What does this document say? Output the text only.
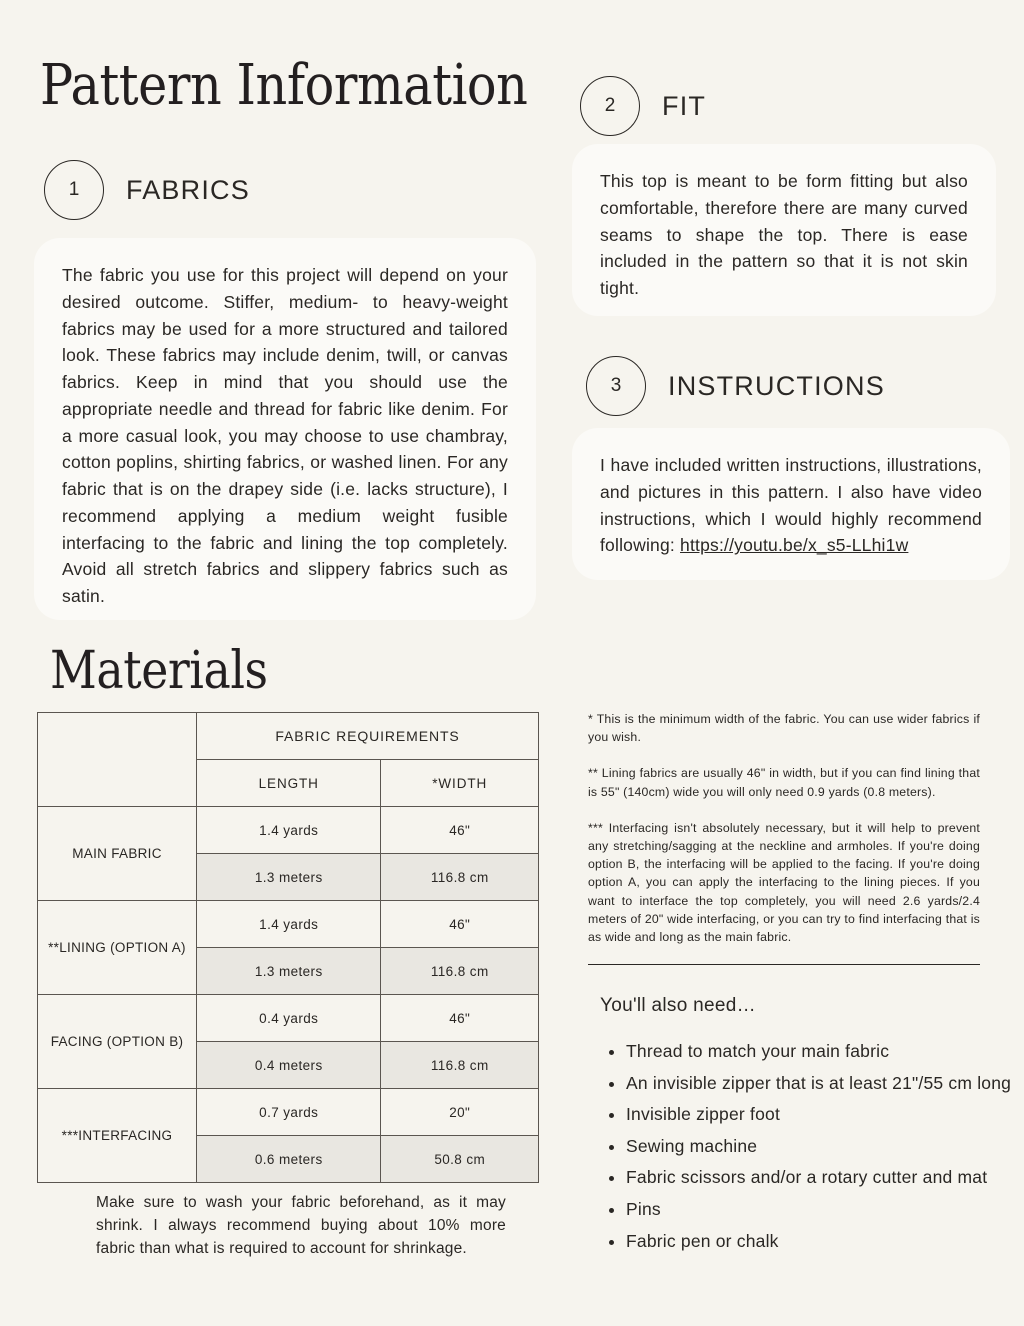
Pattern Information
1	FABRICS

The fabric you use for this project will depend on your desired outcome. Stiffer, medium- to heavy-weight fabrics may be used for a more structured and tailored look. These fabrics may include denim, twill, or canvas fabrics. Keep in mind that you should use the appropriate needle and thread for fabric like denim. For a more casual look, you may choose to use chambray, cotton poplins, shirting fabrics, or washed linen. For any fabric that is on the drapey side (i.e. lacks structure), I recommend applying a medium weight fusible interfacing to the fabric and lining the top completely. Avoid all stretch fabrics and slippery fabrics such as satin.

2	FIT

This top is meant to be form fitting but also comfortable, therefore there are many curved seams to shape the top. There is ease included in the pattern so that it is not skin tight.

3	INSTRUCTIONS

I have included written instructions, illustrations, and pictures in this pattern. I also have video instructions, which I would highly recommend following: https://youtu.be/x_s5-LLhi1w

Materials
	FABRIC REQUIREMENTS	
	LENGTH	*WIDTH
MAIN FABRIC	1.4 yards	46"
	1.3 meters	116.8 cm
**LINING (OPTION A)	1.4 yards	46"
	1.3 meters	116.8 cm
FACING (OPTION B)	0.4 yards	46"
	0.4 meters	116.8 cm
***INTERFACING	0.7 yards	20"
	0.6 meters	50.8 cm
Make sure to wash your fabric beforehand, as it may shrink. I always recommend buying about 10% more fabric than what is required to account for shrinkage.

* This is the minimum width of the fabric. You can use wider fabrics if you wish.

** Lining fabrics are usually 46" in width, but if you can find lining that is 55" (140cm) wide you will only need 0.9 yards (0.8 meters).

*** Interfacing isn't absolutely necessary, but it will help to prevent any stretching/sagging at the neckline and armholes. If you're doing option B, the interfacing will be applied to the facing. If you're doing option A, you can apply the interfacing to the lining pieces. If you want to interface the top completely, you will need 2.6 yards/2.4 meters of 20" wide interfacing, or you can try to find interfacing that is as wide and long as the main fabric.

You'll also need…
• Thread to match your main fabric
• An invisible zipper that is at least 21"/55 cm long
• Invisible zipper foot
• Sewing machine
• Fabric scissors and/or a rotary cutter and mat
• Pins
• Fabric pen or chalk
